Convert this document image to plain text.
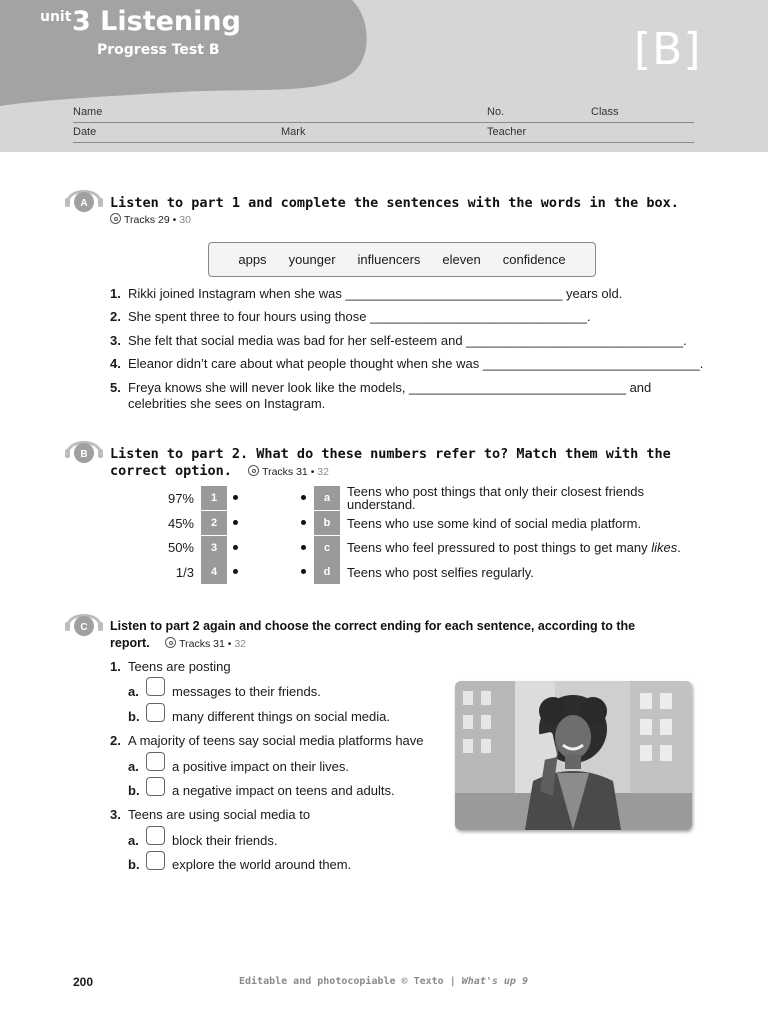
unit 3 Listening
Progress Test B	[B]
Name	No.	Class
Date	Mark	Teacher
A Listen to part 1 and complete the sentences with the words in the box.
Tracks 29 • 30
apps younger influencers eleven confidence
1. Rikki joined Instagram when she was ______________________________ years old.
2. She spent three to four hours using those ______________________________.
3. She felt that social media was bad for her self-esteem and ______________________________.
4. Eleanor didn’t care about what people thought when she was ______________________________.
5. Freya knows she will never look like the models, ______________________________ and
celebrities she sees on Instagram.
B Listen to part 2. What do these numbers refer to? Match them with the
correct option.	Tracks 31 • 32
97%	1
45%	2
50%	3
1/3	4
a	Teens who post things that only their closest friends
understand.
b	Teens who use some kind of social media platform.
c	Teens who feel pressured to post things to get many likes.
d	Teens who post selfies regularly.
C Listen to part 2 again and choose the correct ending for each sentence, according to the
report.	Tracks 31 • 32
1. Teens are posting
a.	messages to their friends.
b. many different things on social media.
2. A majority of teens say social media platforms have
a.	a positive impact on their lives.
b. a negative impact on teens and adults.
3. Teens are using social media to
a.	block their friends.
b. explore the world around them.
200	Editable and photocopiable © Texto | What's up 9
